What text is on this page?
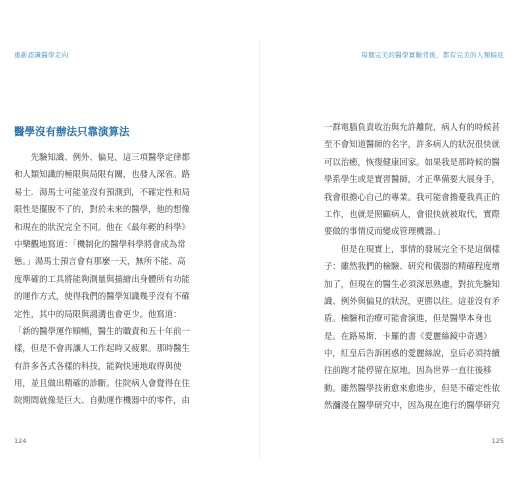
重新認識醫學走向
醫學沒有辦法只靠演算法
　　先驗知識、例外、偏見，這三項醫學定律都
和人類知識的極限與局限有關，也發人深省。路
易士．湯馬士可能並沒有預測到，不確定性和局
限性是擺脫不了的，對於未來的醫學，他的想像
和現在的狀況完全不同。他在《最年輕的科學》
中樂觀地寫道：「機制化的醫學科學將會成為常
態。」湯馬士預言會有那麼一天，無所不能、高
度準確的工具將能夠測量與描繪出身體所有功能
的運作方式，使得我們的醫學知識幾乎沒有不確
定性，其中的局限與鴻溝也會更少。他寫道：
「新的醫學運作順暢，醫生的職責和五十年前一
樣，但是不會再讓人工作起時又疲累。那時醫生
有許多各式各樣的科技，能夠快速地取得與使
用，並且做出精確的診斷。住院病人會覺得在住
院期間就像是巨大、自動運作機器中的零件，由
124
每個完美的醫學實驗背後，都有完美的人類偏見
一群電腦負責收治與允許離院，病人有的時候甚
至不會知道醫師的名字，許多病人的狀況很快就
可以治癒，恢復健康回家。如果我是那時候的醫
學系學生或是實習醫師，才正準備要大展身手，
我會很擔心自己的專業。我可能會擔憂我真正的
工作，也就是照顧病人，會很快就被取代，實際
要做的事情反而變成管理機器。」
　　但是在現實上，事情的發展完全不是這個樣
子：雖然我們的檢驗、研究和儀器的精確程度增
加了，但現在的醫生必須深思熟慮，對抗先驗知
識、例外與偏見的狀況，更勝以往。這並沒有矛
盾。檢驗和治療可能會演進，但是醫學本身也
是。在路易斯．卡羅的書《愛麗絲鏡中奇遇》
中，紅皇后告訴困惑的愛麗絲說，皇后必須持續
往前跑才能停留在原地，因為世界一直往後移
動。雖然醫學技術愈來愈進步，但是不確定性依
然瀰漫在醫學研究中，因為現在進行的醫學研究
125
